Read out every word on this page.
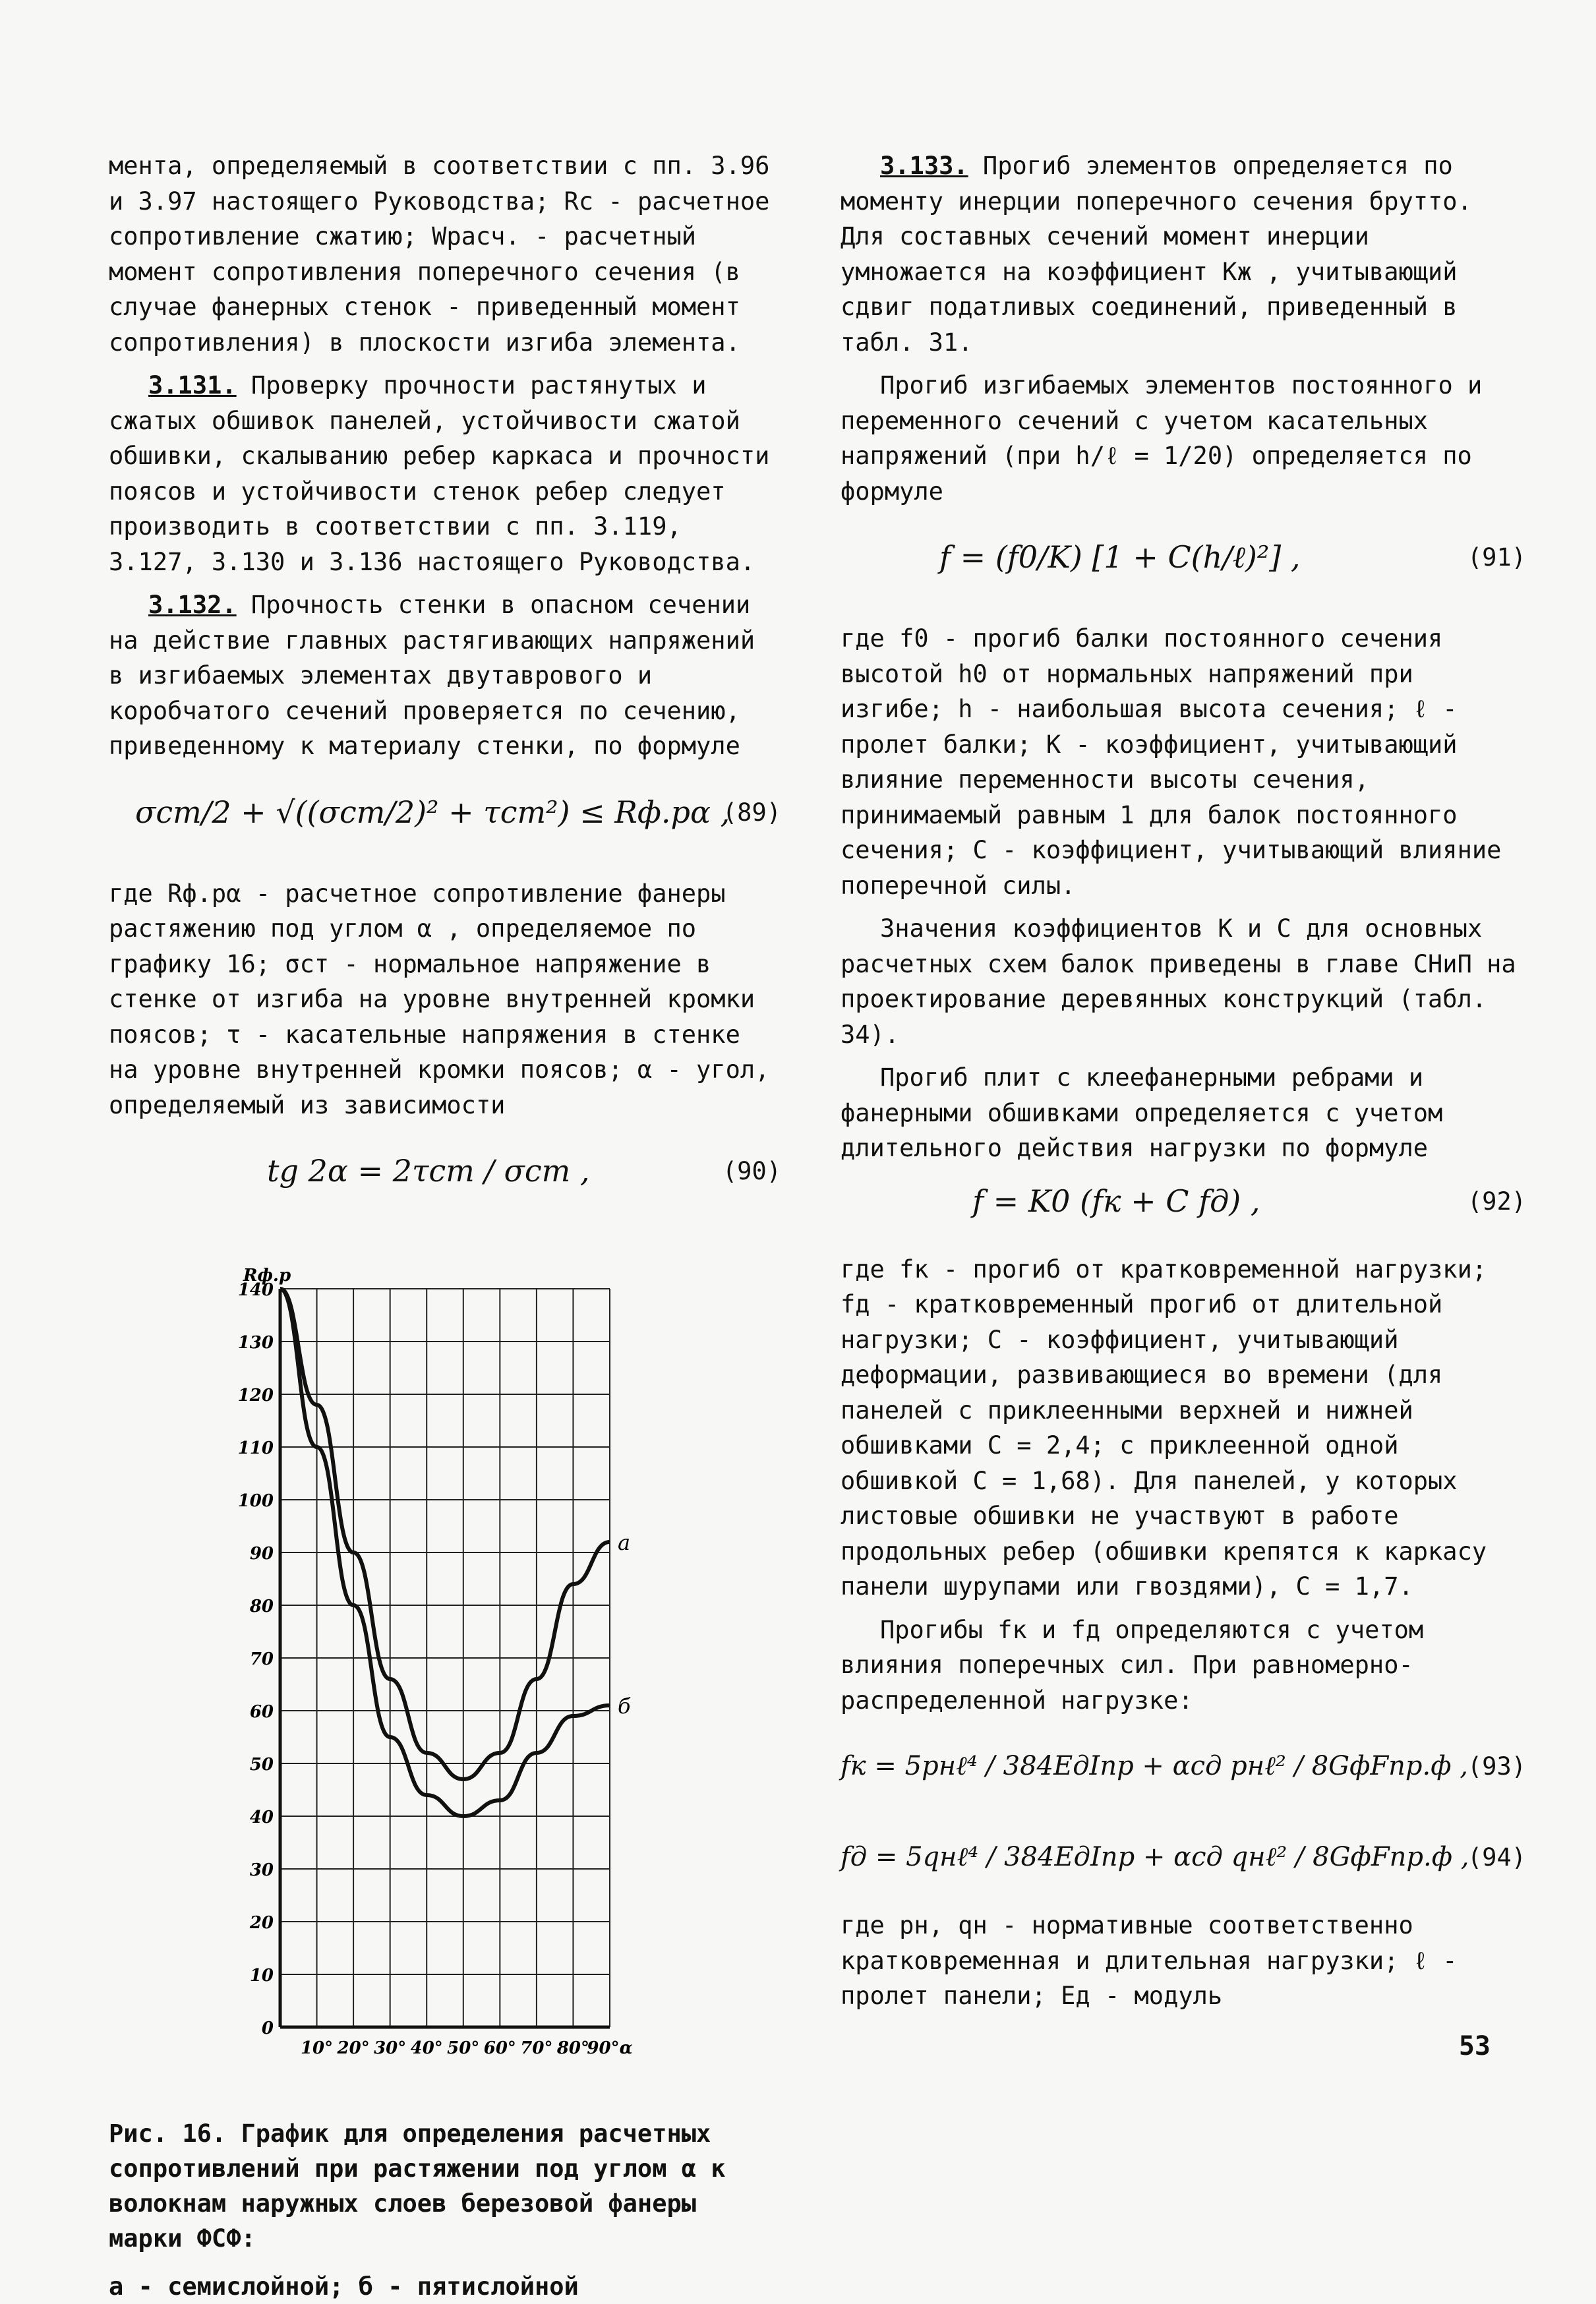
мента, определяемый в соответствии с пп. 3.96 и 3.97 настоящего Руководства; Rc - расчетное сопротивление сжатию; Wрасч. - расчетный момент сопротивления поперечного сечения (в случае фанерных стенок - приведенный момент сопротивления) в плоскости изгиба элемента.

3.131. Проверку прочности растянутых и сжатых обшивок панелей, устойчивости сжатой обшивки, скалыванию ребер каркаса и прочности поясов и устойчивости стенок ребер следует производить в соответствии с пп. 3.119, 3.127, 3.130 и 3.136 настоящего Руководства.

3.132. Прочность стенки в опасном сечении на действие главных растягивающих напряжений в изгибаемых элементах двутаврового и коробчатого сечений проверяется по сечению, приведенному к материалу стенки, по формуле

σст/2 + √((σст/2)² + τст²) ≤ Rф.pα ,
(89)

где Rф.pα - расчетное сопротивление фанеры растяжению под углом α , определяемое по графику 16; σст - нормальное напряжение в стенке от изгиба на уровне внутренней кромки поясов; τ - касательные напряжения в стенке на уровне внутренней кромки поясов; α - угол, определяемый из зависимости

tg 2α = 2τст / σст ,	(90)
0
10
20
30
40
50
60
70
80
90
100
110
120
130
140
10° 20° 30° 40° 50° 60° 70° 80°
90°α
Rф.p
а
б
Рис. 16. График для определения расчетных сопротивлений при растяжении под углом α к волокнам наружных слоев березовой фанеры марки ФСФ:
а - семислойной; б - пятислойной

3.133. Прогиб элементов определяется по моменту инерции поперечного сечения брутто. Для составных сечений момент инерции умножается на коэффициент Kж , учитывающий сдвиг податливых соединений, приведенный в табл. 31.

Прогиб изгибаемых элементов постоянного и переменного сечений с учетом касательных напряжений (при h/ℓ = 1/20) определяется по формуле

f = (f0/K) [1 + C(h/ℓ)²] ,	(91)

где f0 - прогиб балки постоянного сечения высотой h0 от нормальных напряжений при изгибе; h - наибольшая высота сечения; ℓ - пролет балки; K - коэффициент, учитывающий влияние переменности высоты сечения, принимаемый равным 1 для балок постоянного сечения; C - коэффициент, учитывающий влияние поперечной силы.

Значения коэффициентов K и C для основных расчетных схем балок приведены в главе СНиП на проектирование деревянных конструкций (табл. 34).

Прогиб плит с клеефанерными ребрами и фанерными обшивками определяется с учетом длительного действия нагрузки по формуле

f = K0 (fк + C fд) ,	(92)

где fк - прогиб от кратковременной нагрузки; fд - кратковременный прогиб от длительной нагрузки; C - коэффициент, учитывающий деформации, развивающиеся во времени (для панелей с приклеенными верхней и нижней обшивками C = 2,4; с приклеенной одной обшивкой C = 1,68). Для панелей, у которых листовые обшивки не участвуют в работе продольных ребер (обшивки крепятся к каркасу панели шурупами или гвоздями), C = 1,7.

Прогибы fк и fд определяются с учетом влияния поперечных сил. При равномерно-распределенной нагрузке:

fк = 5pнℓ⁴ / 384EдIпр + αсд pнℓ² / 8GфFпр.ф ,
(93)
fд = 5qнℓ⁴ / 384EдIпр + αсд qнℓ² / 8GфFпр.ф ,
(94)

где pн, qн - нормативные соответственно кратковременная и длительная нагрузки; ℓ - пролет панели; Eд - модуль

53
